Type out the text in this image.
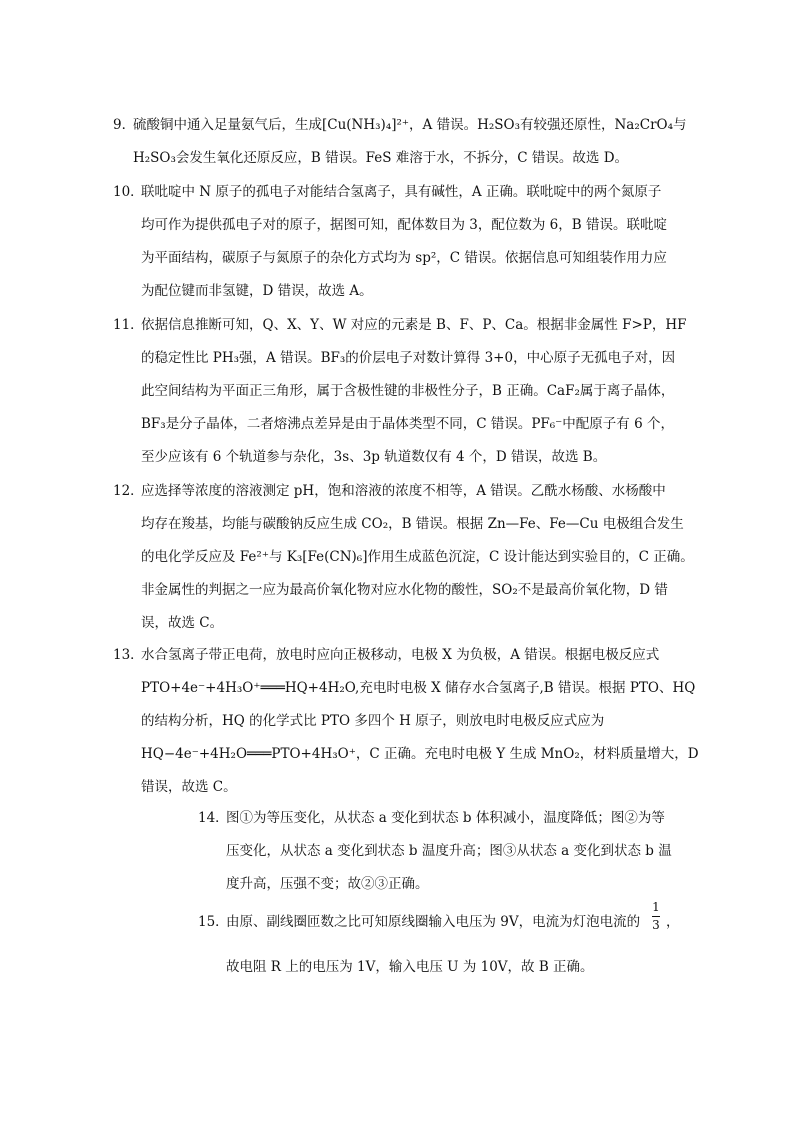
9．
硫酸铜中通入足量氨气后，生成[Cu(NH₃)₄]²⁺，A 错误。H₂SO₃有较强还原性，Na₂CrO₄与
H₂SO₃会发生氧化还原反应，B 错误。FeS 难溶于水，不拆分，C 错误。故选 D。
10．
联吡啶中 N 原子的孤电子对能结合氢离子，具有碱性，A 正确。联吡啶中的两个氮原子
均可作为提供孤电子对的原子，据图可知，配体数目为 3，配位数为 6，B 错误。联吡啶
为平面结构，碳原子与氮原子的杂化方式均为 sp²，C 错误。依据信息可知组装作用力应
为配位键而非氢键，D 错误，故选 A。
11．
依据信息推断可知，Q、X、Y、W 对应的元素是 B、F、P、Ca。根据非金属性 F>P，HF
的稳定性比 PH₃强，A 错误。BF₃的价层电子对数计算得 3+0，中心原子无孤电子对，因
此空间结构为平面正三角形，属于含极性键的非极性分子，B 正确。CaF₂属于离子晶体，
BF₃是分子晶体，二者熔沸点差异是由于晶体类型不同，C 错误。PF₆⁻中配原子有 6 个，
至少应该有 6 个轨道参与杂化，3s、3p 轨道数仅有 4 个，D 错误，故选 B。
12．
应选择等浓度的溶液测定 pH，饱和溶液的浓度不相等，A 错误。乙酰水杨酸、水杨酸中
均存在羧基，均能与碳酸钠反应生成 CO₂，B 错误。根据 Zn—Fe、Fe—Cu 电极组合发生
的电化学反应及 Fe²⁺与 K₃[Fe(CN)₆]作用生成蓝色沉淀，C 设计能达到实验目的，C 正确。
非金属性的判据之一应为最高价氧化物对应水化物的酸性，SO₂不是最高价氧化物，D 错
误，故选 C。
13．
水合氢离子带正电荷，放电时应向正极移动，电极 X 为负极，A 错误。根据电极反应式
PTO+4e⁻+4H₃O⁺═══HQ+4H₂O,充电时电极 X 储存水合氢离子,B 错误。根据 PTO、HQ
的结构分析，HQ 的化学式比 PTO 多四个 H 原子，则放电时电极反应式应为
HQ−4e⁻+4H₂O═══PTO+4H₃O⁺，C 正确。充电时电极 Y 生成 MnO₂，材料质量增大，D
错误，故选 C。
14．
图①为等压变化，从状态 a 变化到状态 b 体积减小，温度降低；图②为等
压变化，从状态 a 变化到状态 b 温度升高；图③从状态 a 变化到状态 b 温
度升高，压强不变；故②③正确。
15．
由原、副线圈匝数之比可知原线圈输入电压为 9V，电流为灯泡电流的
1
3 ，
故电阻 R 上的电压为 1V，输入电压 U 为 10V，故 B 正确。
